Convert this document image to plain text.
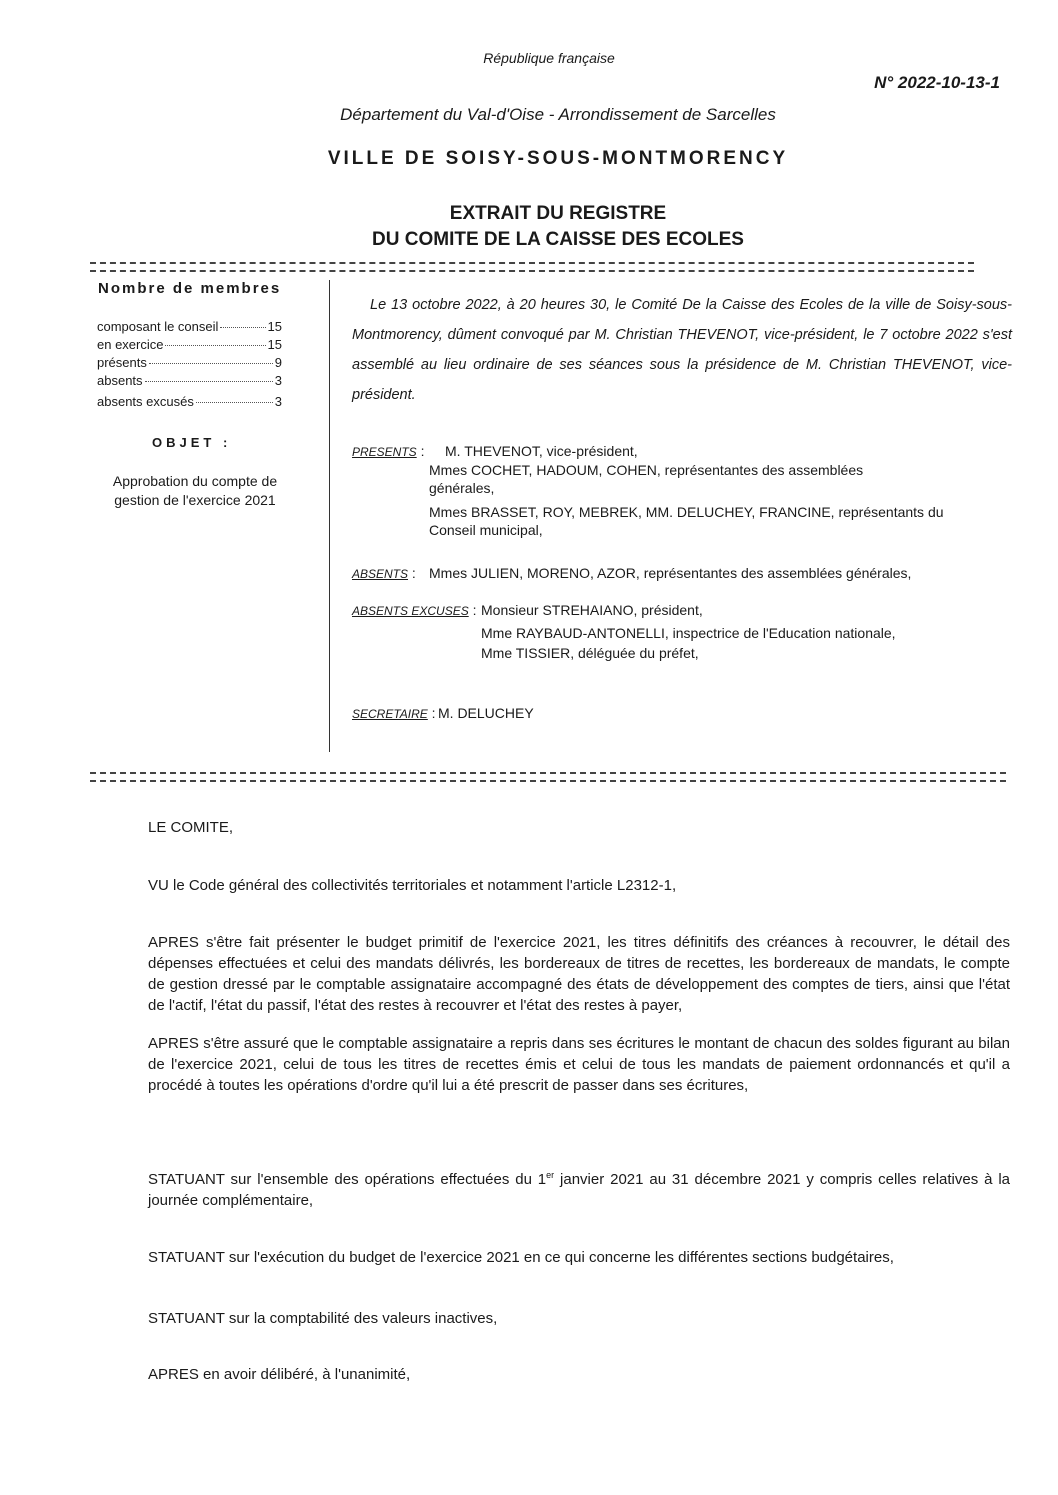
République française
N° 2022-10-13-1
Département du Val-d'Oise - Arrondissement de Sarcelles
VILLE DE SOISY-SOUS-MONTMORENCY
EXTRAIT DU REGISTRE
DU COMITE DE LA CAISSE DES ECOLES
Nombre de membres
composant le conseil	15
en exercice	15
présents	9
absents	3
absents excusés	3
OBJET :
Approbation du compte de gestion de l'exercice 2021
Le 13 octobre 2022, à 20 heures 30, le Comité De la Caisse des Ecoles de la ville de Soisy-sous-Montmorency, dûment convoqué par M. Christian THEVENOT, vice-président, le 7 octobre 2022 s'est assemblé au lieu ordinaire de ses séances sous la présidence de M. Christian THEVENOT, vice-président.
PRESENTS : M. THEVENOT, vice-président,
Mmes COCHET, HADOUM, COHEN, représentantes des assemblées
générales,
Mmes BRASSET, ROY, MEBREK, MM. DELUCHEY, FRANCINE, représentants du
Conseil municipal,
ABSENTS : Mmes JULIEN, MORENO, AZOR, représentantes des assemblées générales,
ABSENTS EXCUSES : Monsieur STREHAIANO, président,
Mme RAYBAUD-ANTONELLI, inspectrice de l'Education nationale,
Mme TISSIER, déléguée du préfet,
SECRETAIRE : M. DELUCHEY
LE COMITE,
VU le Code général des collectivités territoriales et notamment l'article L2312-1,
APRES s'être fait présenter le budget primitif de l'exercice 2021, les titres définitifs des créances à recouvrer, le détail des dépenses effectuées et celui des mandats délivrés, les bordereaux de titres de recettes, les bordereaux de mandats, le compte de gestion dressé par le comptable assignataire accompagné des états de développement des comptes de tiers, ainsi que l'état de l'actif, l'état du passif, l'état des restes à recouvrer et l'état des restes à payer,
APRES s'être assuré que le comptable assignataire a repris dans ses écritures le montant de chacun des soldes figurant au bilan de l'exercice 2021, celui de tous les titres de recettes émis et celui de tous les mandats de paiement ordonnancés et qu'il a procédé à toutes les opérations d'ordre qu'il lui a été prescrit de passer dans ses écritures,
STATUANT sur l'ensemble des opérations effectuées du 1er janvier 2021 au 31 décembre 2021 y compris celles relatives à la journée complémentaire,
STATUANT sur l'exécution du budget de l'exercice 2021 en ce qui concerne les différentes sections budgétaires,
STATUANT sur la comptabilité des valeurs inactives,
APRES en avoir délibéré, à l'unanimité,
